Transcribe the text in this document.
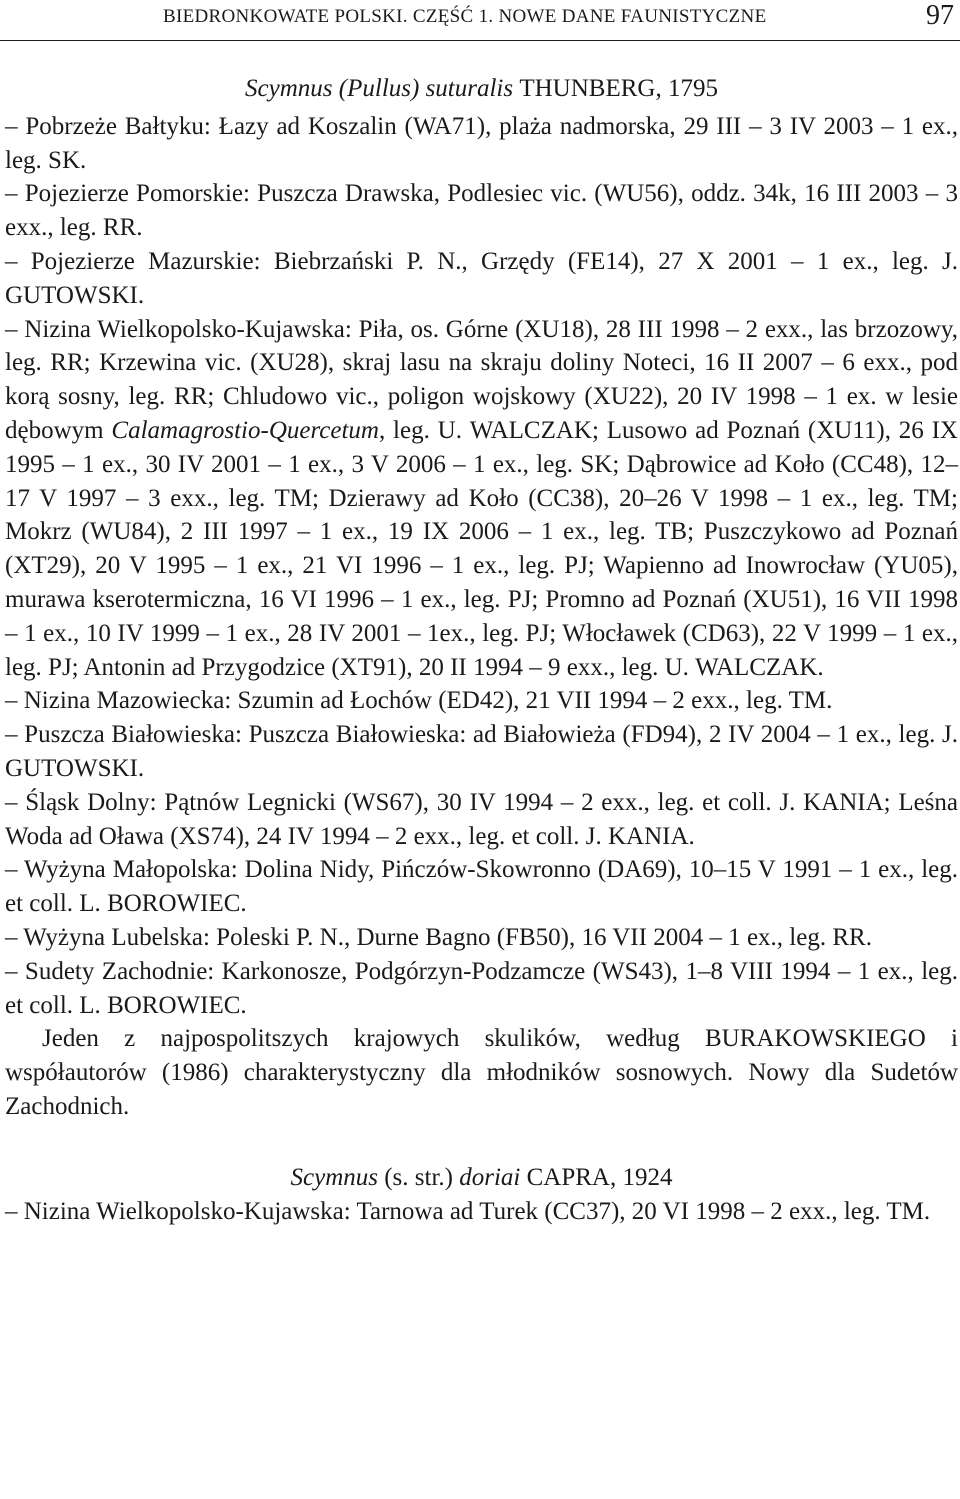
BIEDRONKOWATE POLSKI. CZĘŚĆ 1. NOWE DANE FAUNISTYCZNE	97

Scymnus (Pullus) suturalis THUNBERG, 1795

– Pobrzeże Bałtyku: Łazy ad Koszalin (WA71), plaża nadmorska, 29 III – 3 IV 2003 – 1 ex., leg. SK.

– Pojezierze Pomorskie: Puszcza Drawska, Podlesiec vic. (WU56), oddz. 34k, 16 III 2003 – 3 exx., leg. RR.

– Pojezierze Mazurskie: Biebrzański P. N., Grzędy (FE14), 27 X 2001 – 1 ex., leg. J. GUTOWSKI.

– Nizina Wielkopolsko-Kujawska: Piła, os. Górne (XU18), 28 III 1998 – 2 exx., las brzozowy, leg. RR; Krzewina vic. (XU28), skraj lasu na skraju doliny Noteci, 16 II 2007 – 6 exx., pod korą sosny, leg. RR; Chludowo vic., poligon wojskowy (XU22), 20 IV 1998 – 1 ex. w lesie dębowym Calamagrostio-Quercetum, leg. U. WALCZAK; Lusowo ad Poznań (XU11), 26 IX 1995 – 1 ex., 30 IV 2001 – 1 ex., 3 V 2006 – 1 ex., leg. SK; Dąbrowice ad Koło (CC48), 12–17 V 1997 – 3 exx., leg. TM; Dzierawy ad Koło (CC38), 20–26 V 1998 – 1 ex., leg. TM; Mokrz (WU84), 2 III 1997 – 1 ex., 19 IX 2006 – 1 ex., leg. TB; Puszczykowo ad Poznań (XT29), 20 V 1995 – 1 ex., 21 VI 1996 – 1 ex., leg. PJ; Wapienno ad Inowrocław (YU05), murawa kserotermiczna, 16 VI 1996 – 1 ex., leg. PJ; Promno ad Poznań (XU51), 16 VII 1998 – 1 ex., 10 IV 1999 – 1 ex., 28 IV 2001 – 1ex., leg. PJ; Włocławek (CD63), 22 V 1999 – 1 ex., leg. PJ; Antonin ad Przygodzice (XT91), 20 II 1994 – 9 exx., leg. U. WALCZAK.

– Nizina Mazowiecka: Szumin ad Łochów (ED42), 21 VII 1994 – 2 exx., leg. TM.

– Puszcza Białowieska: Puszcza Białowieska: ad Białowieża (FD94), 2 IV 2004 – 1 ex., leg. J. GUTOWSKI.

– Śląsk Dolny: Pątnów Legnicki (WS67), 30 IV 1994 – 2 exx., leg. et coll. J. KANIA; Leśna Woda ad Oława (XS74), 24 IV 1994 – 2 exx., leg. et coll. J. KANIA.

– Wyżyna Małopolska: Dolina Nidy, Pińczów-Skowronno (DA69), 10–15 V 1991 – 1 ex., leg. et coll. L. BOROWIEC.

– Wyżyna Lubelska: Poleski P. N., Durne Bagno (FB50), 16 VII 2004 – 1 ex., leg. RR.

– Sudety Zachodnie: Karkonosze, Podgórzyn-Podzamcze (WS43), 1–8 VIII 1994 – 1 ex., leg. et coll. L. BOROWIEC.

Jeden z najpospolitszych krajowych skulików, według BURAKOWSKIEGO i współautorów (1986) charakterystyczny dla młodników sosnowych. Nowy dla Sudetów Zachodnich.

Scymnus (s. str.) doriai CAPRA, 1924

– Nizina Wielkopolsko-Kujawska: Tarnowa ad Turek (CC37), 20 VI 1998 – 2 exx., leg. TM.
